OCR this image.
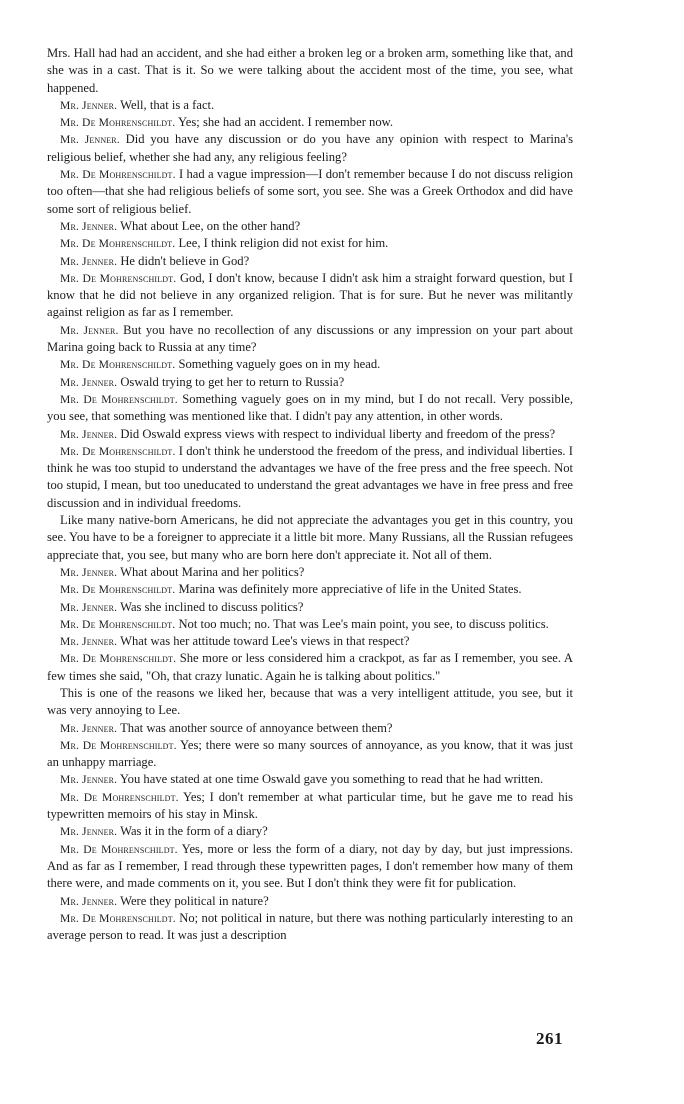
Mrs. Hall had had an accident, and she had either a broken leg or a broken arm, something like that, and she was in a cast. That is it. So we were talking about the accident most of the time, you see, what happened.

Mr. Jenner. Well, that is a fact.

Mr. De Mohrenschildt. Yes; she had an accident. I remember now.

Mr. Jenner. Did you have any discussion or do you have any opinion with respect to Marina's religious belief, whether she had any, any religious feeling?

Mr. De Mohrenschildt. I had a vague impression—I don't remember because I do not discuss religion too often—that she had religious beliefs of some sort, you see. She was a Greek Orthodox and did have some sort of religious belief.

Mr. Jenner. What about Lee, on the other hand?

Mr. De Mohrenschildt. Lee, I think religion did not exist for him.

Mr. Jenner. He didn't believe in God?

Mr. De Mohrenschildt. God, I don't know, because I didn't ask him a straight forward question, but I know that he did not believe in any organized religion. That is for sure. But he never was militantly against religion as far as I remember.

Mr. Jenner. But you have no recollection of any discussions or any impression on your part about Marina going back to Russia at any time?

Mr. De Mohrenschildt. Something vaguely goes on in my head.

Mr. Jenner. Oswald trying to get her to return to Russia?

Mr. De Mohrenschildt. Something vaguely goes on in my mind, but I do not recall. Very possible, you see, that something was mentioned like that. I didn't pay any attention, in other words.

Mr. Jenner. Did Oswald express views with respect to individual liberty and freedom of the press?

Mr. De Mohrenschildt. I don't think he understood the freedom of the press, and individual liberties. I think he was too stupid to understand the advantages we have of the free press and the free speech. Not too stupid, I mean, but too uneducated to understand the great advantages we have in free press and free discussion and in individual freedoms.

Like many native-born Americans, he did not appreciate the advantages you get in this country, you see. You have to be a foreigner to appreciate it a little bit more. Many Russians, all the Russian refugees appreciate that, you see, but many who are born here don't appreciate it. Not all of them.

Mr. Jenner. What about Marina and her politics?

Mr. De Mohrenschildt. Marina was definitely more appreciative of life in the United States.

Mr. Jenner. Was she inclined to discuss politics?

Mr. De Mohrenschildt. Not too much; no. That was Lee's main point, you see, to discuss politics.

Mr. Jenner. What was her attitude toward Lee's views in that respect?

Mr. De Mohrenschildt. She more or less considered him a crackpot, as far as I remember, you see. A few times she said, "Oh, that crazy lunatic. Again he is talking about politics."

This is one of the reasons we liked her, because that was a very intelligent attitude, you see, but it was very annoying to Lee.

Mr. Jenner. That was another source of annoyance between them?

Mr. De Mohrenschildt. Yes; there were so many sources of annoyance, as you know, that it was just an unhappy marriage.

Mr. Jenner. You have stated at one time Oswald gave you something to read that he had written.

Mr. De Mohrenschildt. Yes; I don't remember at what particular time, but he gave me to read his typewritten memoirs of his stay in Minsk.

Mr. Jenner. Was it in the form of a diary?

Mr. De Mohrenschildt. Yes, more or less the form of a diary, not day by day, but just impressions. And as far as I remember, I read through these typewritten pages, I don't remember how many of them there were, and made comments on it, you see. But I don't think they were fit for publication.

Mr. Jenner. Were they political in nature?

Mr. De Mohrenschildt. No; not political in nature, but there was nothing particularly interesting to an average person to read. It was just a description

261
